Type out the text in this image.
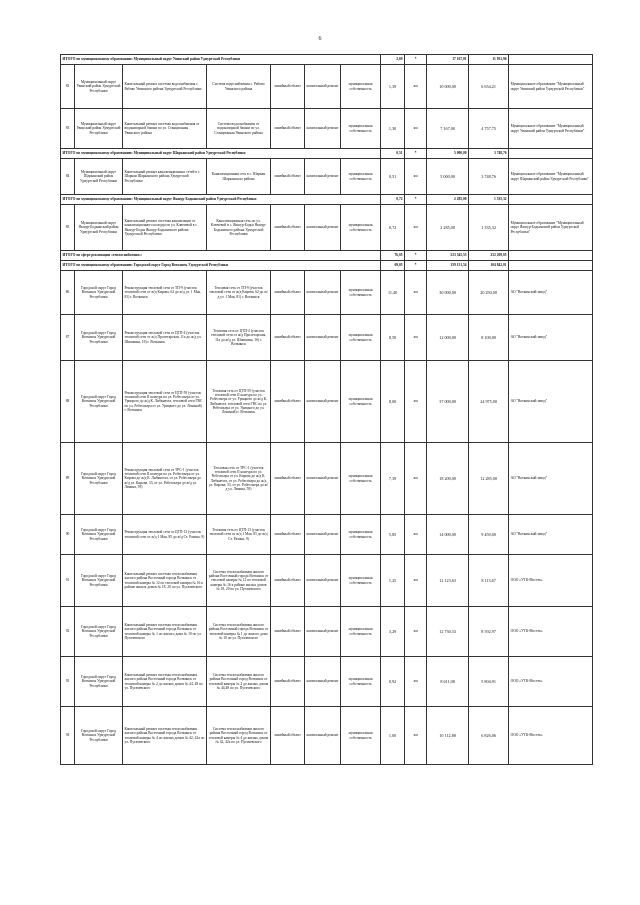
6
ИТОГО по муниципальному образованию: Муниципальный округ Увинский район Удмуртской Республики							2,69	*	17 167,01	11 031,96	
82	Муниципальный округ Увинский район Удмуртской Республики	Капитальный ремонт системы водоснабжения с. Рябово Увинского района Удмуртской Республики	Система водоснабжения с. Рябово Увинского района	линейный объект	капитальный ремонт	муниципальная собственность	1,39	км	10 000,00	6 654,21	Муниципальное образование "Муниципальный округ Увинский район Удмуртской Республики"
83	Муниципальный округ Увинский район Удмуртской Республики	Капитальный ремонт системы водоснабжения от водонапорной башни по ул. Станционная Увинского района	Система водоснабжения от водонапорной башни по ул. Станционная Увинского района	линейный объект	капитальный ремонт	муниципальная собственность	1,30	км	7 167,00	4 757,75	Муниципальное образование "Муниципальный округ Увинский район Удмуртской Республики"
ИТОГО по муниципальному образованию: Муниципальный округ Шарканский район Удмуртской Республики							0,51	*	5 000,00	3 748,76	
84	Муниципальный округ Шарканский район Удмуртской Республики	Капитальный ремонт канализационных сетей в с. Шаркан Шарканского района Удмуртской Республики	Канализационная сеть в с. Шаркан Шарканского района	линейный объект	капитальный ремонт	муниципальная собственность	0,51	км	5 000,00	3 748,76	Муниципальное образование "Муниципальный округ Шарканский район Удмуртской Республики"
ИТОГО по муниципальному образованию: Муниципальный округ Якшур-Бодьинский район Удмуртской Республики							0,72	*	2 285,00	1 535,32	
85	Муниципальный округ Якшур-Бодьинский район Удмуртской Республики	Капитальный ремонт системы канализации от канализационного колодца по ул. Ключевой в с. Якшур-Бодья Якшур-Бодьинского района Удмуртской Республики	Канализационная сеть по ул. Ключевой в с. Якшур-Бодья Якшур-Бодьинского района Удмуртской Республики	линейный объект	капитальный ремонт	муниципальная собственность	0,72	км	2 285,00	1 535,32	Муниципальное образование "Муниципальный округ Якшур-Бодьинский район Удмуртской Республики"
ИТОГО по сфере реализации «теплоснабжение»:							76,05	*	523 545,53	252 209,05	
ИТОГО по муниципальному образованию: Городской округ Город Воткинск Удмуртской Республики							69,05	*	159 151,54	104 842,01	
86	Городской округ Город Воткинск Удмуртской Республики	Реконструкция тепловой сети от ТП-9 (участок тепловой сети от ж/д Кирова, 62 до ж/д ул. 1 Мая, 81) г. Воткинск	Тепловая сеть от ТП-9 (участок тепловой сети от ж/д Кирова, 62 до ж/д ул. 1 Мая, 81) г. Воткинск	линейный объект	капитальный ремонт	муниципальная собственность	11,40	км	30 000,00	20 250,00	АО "Воткинский завод"
87	Городской округ Город Воткинск Удмуртской Республики	Реконструкция тепловой сети от ЦТП-4 (участок тепловой сети от ж/д Пролетарская, 11а до ж/д ул. Шишкина, 16) г. Воткинск	Тепловая сеть от ЦТП-4 (участок тепловой сети от ж/д Пролетарская, 11а до ж/д ул. Шишкина, 16) г. Воткинск	линейный объект	капитальный ремонт	муниципальная собственность	8,50	км	12 000,00	8 100,00	АО "Воткинский завод"
88	Городской округ Город Воткинск Удмуртской Республики	Реконструкция тепловой сети от ЦТП-59 (участок тепловой сети II контура по ул. Робеспьера от ул. Урицкого до ж/д К. Либкнехта, тепловой сети ГВС по ул. Робеспьера от ул. Урицкого до ул. Лениной) г. Воткинск	Тепловая сеть от ЦТП-59 (участок тепловой сети II контура по ул. Робеспьера от ул. Урицкого до ж/д К. Либкнехта, тепловой сети ГВС по ул. Робеспьера от ул. Урицкого до ул. Лениной) г. Воткинск	линейный объект	капитальный ремонт	муниципальная собственность	8,00	км	37 000,00	24 975,00	АО "Воткинский завод"
89	Городской округ Город Воткинск Удмуртской Республики	Реконструкция тепловой сети от ТРС-1 (участок тепловой сети II контура по ул. Робеспьера от ул. Кирова до ж/д К. Либкнехта, от ул. Робеспьера до ж/д ул. Кирова, 33, от ул. Робеспьера до ж/д ул. Ленина, 59)	Тепловая сеть от ТРС-1 (участок тепловой сети II контура по ул. Робеспьера от ул. Кирова до ж/д К. Либкнехта, от ул. Робеспьера до ж/д ул. Кирова, 33, от ул. Робеспьера до ж/д ул. Ленина, 59)	линейный объект	капитальный ремонт	муниципальная собственность	7,39	км	18 200,00	12 285,00	АО "Воткинский завод"
90	Городской округ Город Воткинск Удмуртской Республики	Реконструкция тепловой сети от ЦТП-13 (участок тепловой сети от ж/д 1 Мая, 85 до ж/д Ст. Разина, 9)	Тепловая сеть от ЦТП-13 (участок тепловой сети от ж/д 1 Мая, 85 до ж/д Ст. Разина, 9)	линейный объект	капитальный ремонт	муниципальная собственность	5,85	км	14 000,00	9 450,00	АО "Воткинский завод"
91	Городской округ Город Воткинск Удмуртской Республики	Капитальный ремонт системы теплоснабжения жилого района Восточный города Воткинск от тепловой камеры № 12 по тепловой камеры № 16 к районе жилых домов № 18, 20 по ул. Пугачевского	Система теплоснабжения жилого района Восточный города Воткинск от тепловой камеры № 12 по тепловой камеры № 16 к районе жилых домов № 18, 20 по ул. Пугачевского	линейный объект	капитальный ремонт	муниципальная собственность	1,25	км	12 123,63	8 113,67	ООО «УТК-Мостек»
92	Городской округ Город Воткинск Удмуртской Республики	Капитальный ремонт системы теплоснабжения жилого района Восточный города Воткинск от тепловой камеры № 1 по жилого дома № 10 по ул. Пугачевского	Система теплоснабжения жилого района Восточный города Воткинск от тепловой камеры № 1 до жилого дома № 10 по ул. Пугачевского	линейный объект	капитальный ремонт	муниципальная собственность	3,29	км	12 730,33	8 592,97	ООО «УТК-Мостек»
93	Городской округ Город Воткинск Удмуртской Республики	Капитальный ремонт системы теплоснабжения жилого района Восточный города Воткинск от тепловой камеры № 2 до жилых домов № 44, 48 по ул. Пугачевского	Система теплоснабжения жилого района Восточный город Воткинск от тепловой камеры № 2 до жилых домов № 44,48 по ул. Пугачевского	линейный объект	капитальный ремонт	муниципальная собственность	0,92	км	8 611,08	5 804,91	ООО «УТК-Мостек»
94	Городской округ Город Воткинск Удмуртской Республики	Капитальный ремонт системы теплоснабжения жилого района Восточный города Воткинск от тепловой камеры № 4 по жилых домов № 42, 42а по ул. Пугачевского	Система теплоснабжения жилого района Восточный город Воткинск от тепловой камеры № 4 до жилых домов № 42, 42а по ул. Пугачевского	линейный объект	капитальный ремонт	муниципальная собственность	1,00	км	10 112,88	6 826,06	ООО «УТК-Мостек»
